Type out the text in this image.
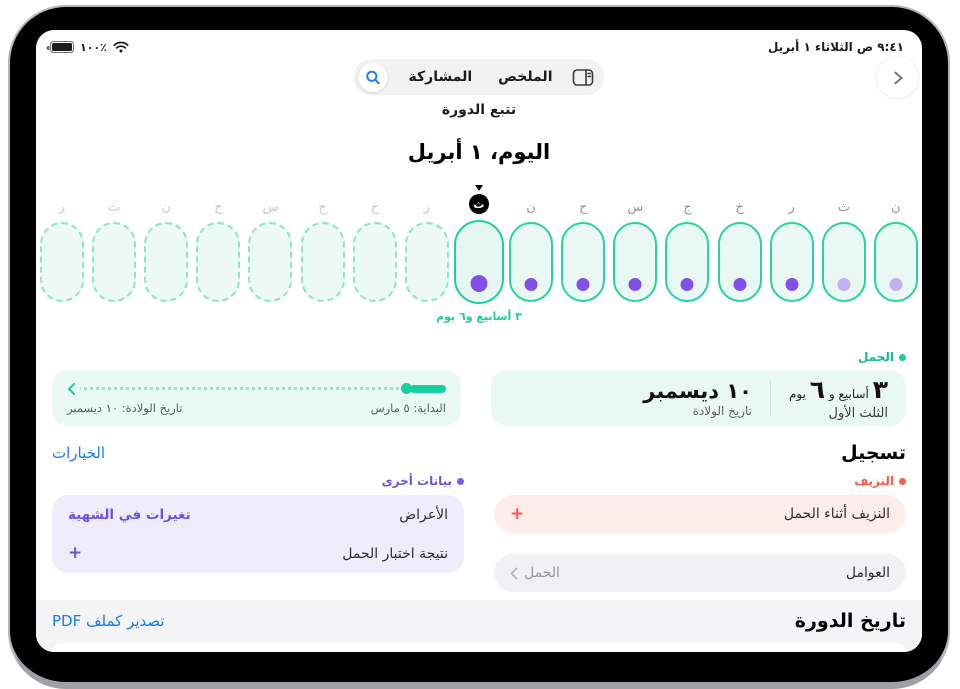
٩:٤١ ص الثلاثاء ١ أبريل
٪١٠٠
الملخص
المشاركة
تتبع الدورة
اليوم، ١ أبريل
ن
ث
ر
خ
ج
س
ح
ن
ث
٣ أسابيع و٦ يوم
ر
خ
ج
س
ح
ن
ث
ر
الحمل
٣ أسابيع و ٦ يوم
الثلث الأول
١٠ ديسمبر
تاريخ الولادة
البداية: ٥ مارس
تاريخ الولادة: ١٠ ديسمبر
تسجيل
الخيارات
النزيف
النزيف أثناء الحمل
+
العوامل
الحمل
بيانات أخرى
الأعراض
تغيرات في الشهية
نتيجة اختبار الحمل
+
تاريخ الدورة
تصدير كملف PDF
